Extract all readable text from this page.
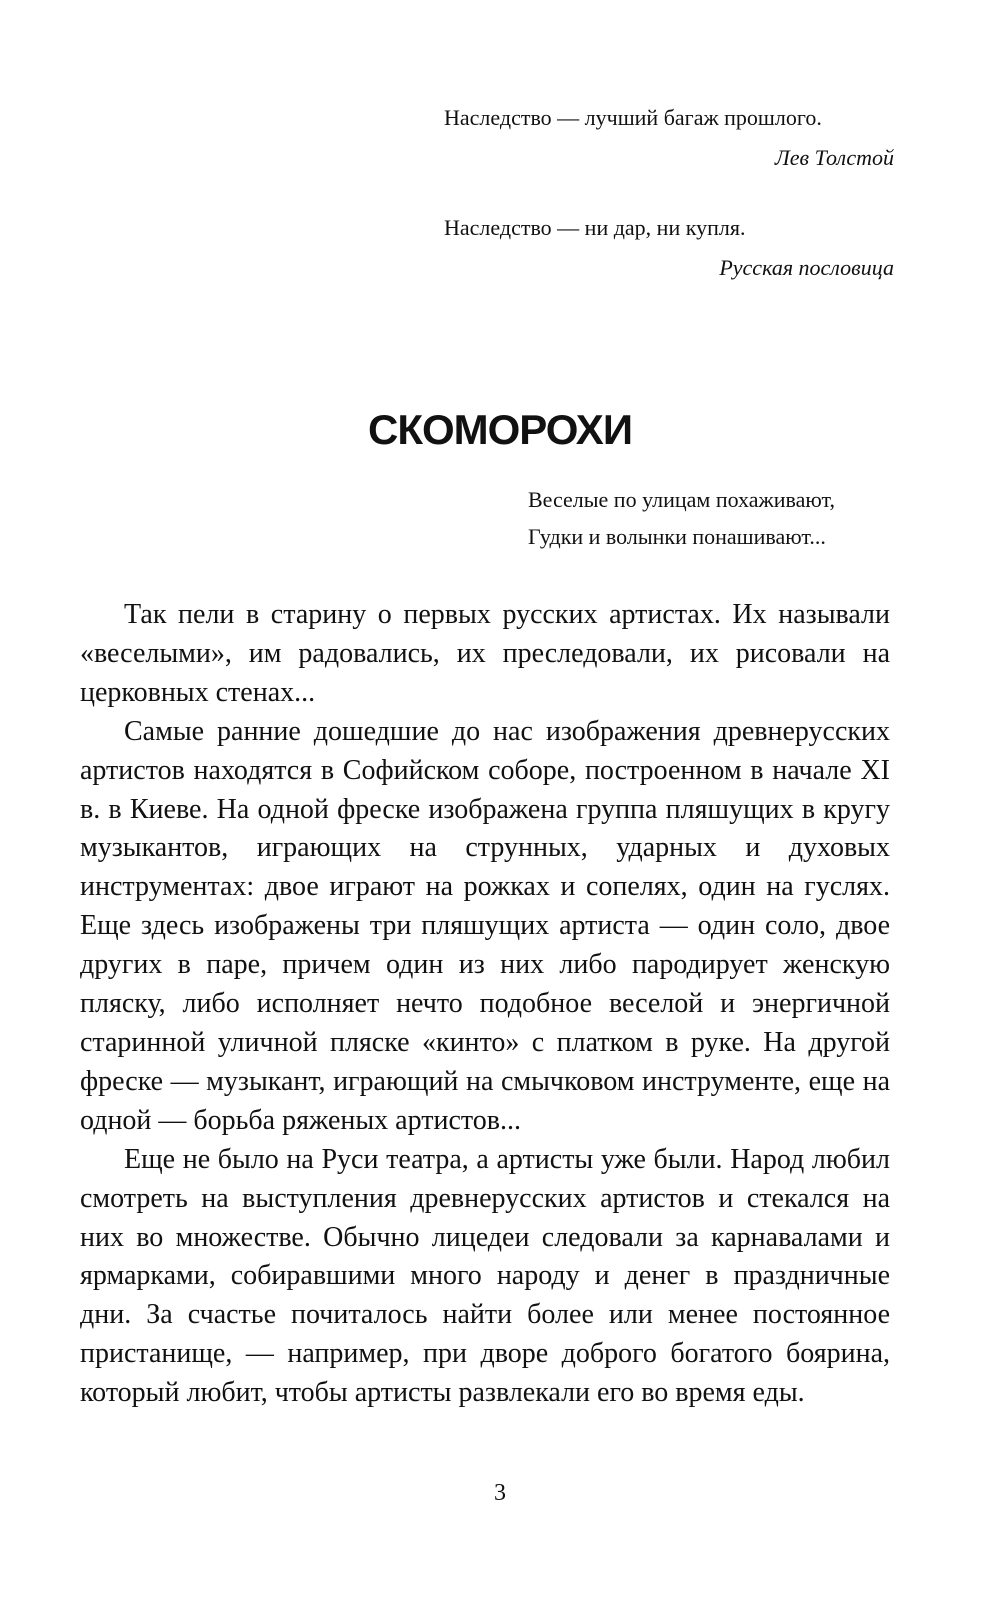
Наследство — лучший багаж прошлого.
Лев Толстой
Наследство — ни дар, ни купля.
Русская пословица
СКОМОРОХИ
Веселые по улицам похаживают,
Гудки и волынки понашивают...

Так пели в старину о первых русских артистах. Их называли «веселыми», им радовались, их преследовали, их рисовали на церковных стенах...

Самые ранние дошедшие до нас изображения древнерусских артистов находятся в Софийском соборе, построенном в начале XI в. в Киеве. На одной фреске изображена группа пляшущих в кругу музыкантов, играющих на струнных, ударных и духовых инструментах: двое играют на рожках и сопелях, один на гуслях. Еще здесь изображены три пляшущих артиста — один соло, двое других в паре, причем один из них либо пародирует женскую пляску, либо исполняет нечто подобное веселой и энергичной старинной уличной пляске «кинто» с платком в руке. На другой фреске — музыкант, играющий на смычковом инструменте, еще на одной — борьба ряженых артистов...

Еще не было на Руси театра, а артисты уже были. Народ любил смотреть на выступления древнерусских артистов и стекался на них во множестве. Обычно лицедеи следовали за карнавалами и ярмарками, собиравшими много народу и денег в праздничные дни. За счастье почиталось найти более или менее постоянное пристанище, — например, при дворе доброго богатого боярина, который любит, чтобы артисты развлекали его во время еды.

3
